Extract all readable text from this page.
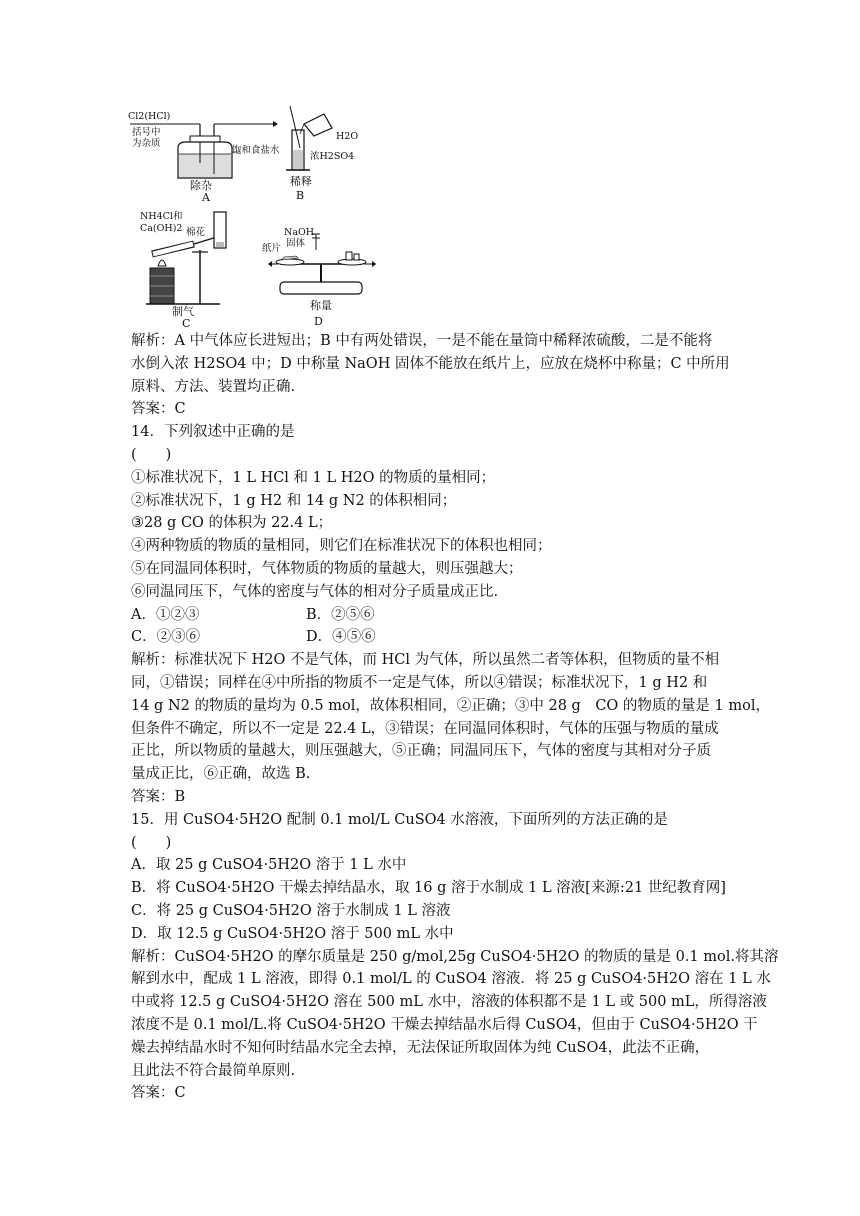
Cl2(HCl)
括号中
为杂质
饱和食盐水
除杂
A
H2O
浓H2SO4
稀释
B
NH4Cl和
Ca(OH)2 棉花
制气
C
NaOH
固体
纸片
称量
D
解析：A 中气体应长进短出；B 中有两处错误，一是不能在量筒中稀释浓硫酸，二是不能将
水倒入浓 H2SO4 中；D 中称量 NaOH 固体不能放在纸片上，应放在烧杯中称量；C 中所用
原料、方法、装置均正确.
答案：C
14．下列叙述中正确的是
(　　)
①标准状况下，1 L HCl 和 1 L H2O 的物质的量相同；
②标准状况下，1 g H2 和 14 g N2 的体积相同；
③28 g CO 的体积为 22.4 L；
④两种物质的物质的量相同，则它们在标准状况下的体积也相同；
⑤在同温同体积时，气体物质的物质的量越大，则压强越大；
⑥同温同压下，气体的密度与气体的相对分子质量成正比.
A．①②③	B．②⑤⑥
C．②③⑥	D．④⑤⑥
解析：标准状况下 H2O 不是气体，而 HCl 为气体，所以虽然二者等体积，但物质的量不相
同，①错误；同样在④中所指的物质不一定是气体，所以④错误；标准状况下，1 g H2 和
14 g N2 的物质的量均为 0.5 mol，故体积相同，②正确；③中 28 g　CO 的物质的量是 1 mol，
但条件不确定，所以不一定是 22.4 L，③错误；在同温同体积时，气体的压强与物质的量成
正比，所以物质的量越大，则压强越大，⑤正确；同温同压下，气体的密度与其相对分子质
量成正比，⑥正确，故选 B.
答案：B
15．用 CuSO4·5H2O 配制 0.1 mol/L CuSO4 水溶液，下面所列的方法正确的是
(　　)
A．取 25 g CuSO4·5H2O 溶于 1 L 水中
B．将 CuSO4·5H2O 干燥去掉结晶水，取 16 g 溶于水制成 1 L 溶液[来源:21 世纪教育网]
C．将 25 g CuSO4·5H2O 溶于水制成 1 L 溶液
D．取 12.5 g CuSO4·5H2O 溶于 500 mL 水中
解析：CuSO4·5H2O 的摩尔质量是 250 g/mol,25g CuSO4·5H2O 的物质的量是 0.1 mol.将其溶
解到水中，配成 1 L 溶液，即得 0.1 mol/L 的 CuSO4 溶液．将 25 g CuSO4·5H2O 溶在 1 L 水
中或将 12.5 g CuSO4·5H2O 溶在 500 mL 水中，溶液的体积都不是 1 L 或 500 mL，所得溶液
浓度不是 0.1 mol/L.将 CuSO4·5H2O 干燥去掉结晶水后得 CuSO4，但由于 CuSO4·5H2O 干
燥去掉结晶水时不知何时结晶水完全去掉，无法保证所取固体为纯 CuSO4，此法不正确，
且此法不符合最简单原则.
答案：C
